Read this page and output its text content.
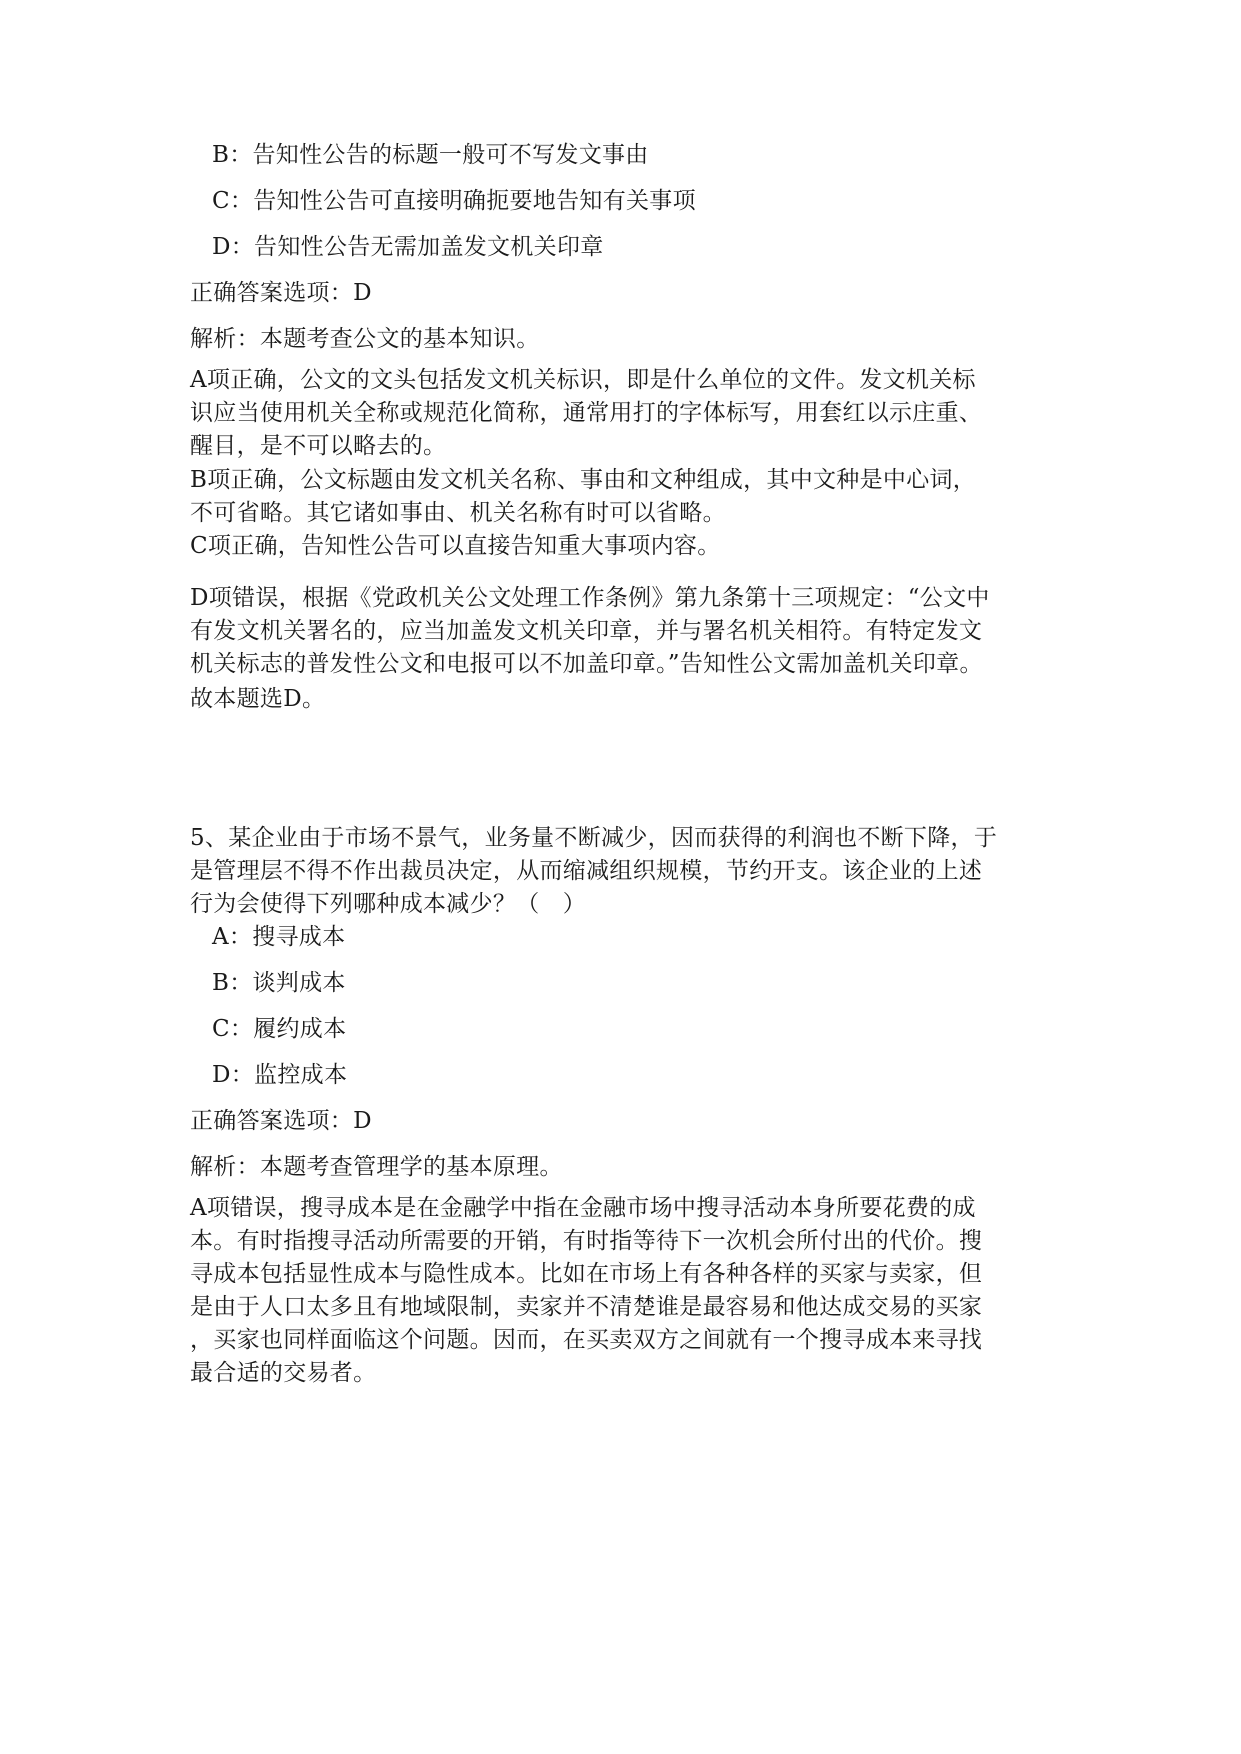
B：告知性公告的标题一般可不写发文事由
C：告知性公告可直接明确扼要地告知有关事项
D：告知性公告无需加盖发文机关印章
正确答案选项：D
解析：本题考查公文的基本知识。
A项正确，公文的文头包括发文机关标识，即是什么单位的文件。发文机关标
识应当使用机关全称或规范化简称，通常用打的字体标写，用套红以示庄重、
醒目，是不可以略去的。
B项正确，公文标题由发文机关名称、事由和文种组成，其中文种是中心词，
不可省略。其它诸如事由、机关名称有时可以省略。
C项正确，告知性公告可以直接告知重大事项内容。
D项错误，根据《党政机关公文处理工作条例》第九条第十三项规定：“公文中
有发文机关署名的，应当加盖发文机关印章，并与署名机关相符。有特定发文
机关标志的普发性公文和电报可以不加盖印章。”告知性公文需加盖机关印章。
故本题选D。
5、某企业由于市场不景气，业务量不断减少，因而获得的利润也不断下降，于
是管理层不得不作出裁员决定，从而缩减组织规模，节约开支。该企业的上述
行为会使得下列哪种成本减少？（　）
A：搜寻成本
B：谈判成本
C：履约成本
D：监控成本
正确答案选项：D
解析：本题考查管理学的基本原理。
A项错误，搜寻成本是在金融学中指在金融市场中搜寻活动本身所要花费的成
本。有时指搜寻活动所需要的开销，有时指等待下一次机会所付出的代价。搜
寻成本包括显性成本与隐性成本。比如在市场上有各种各样的买家与卖家，但
是由于人口太多且有地域限制，卖家并不清楚谁是最容易和他达成交易的买家
，买家也同样面临这个问题。因而，在买卖双方之间就有一个搜寻成本来寻找
最合适的交易者。
